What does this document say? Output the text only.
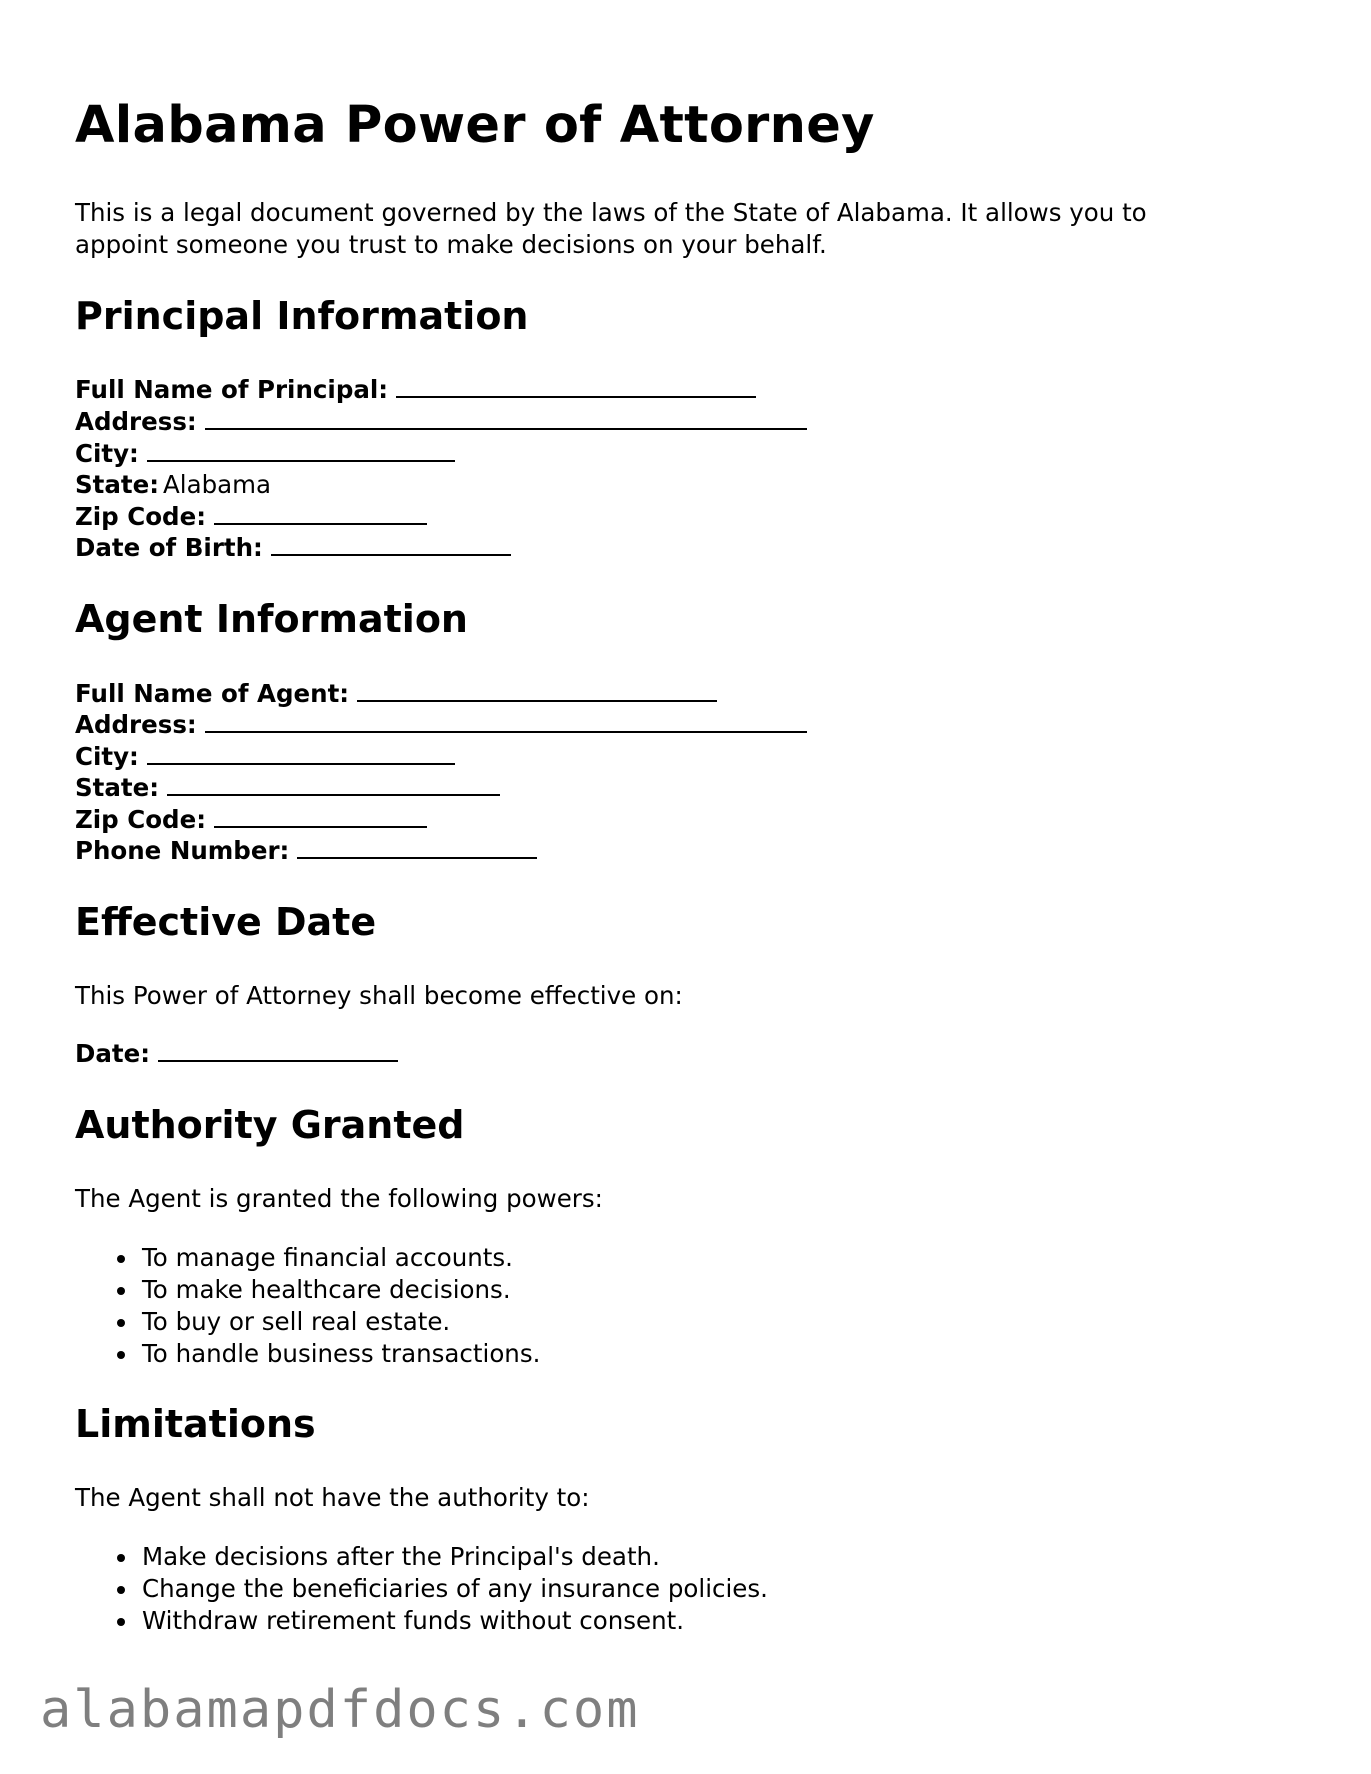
Alabama Power of Attorney
This is a legal document governed by the laws of the State of Alabama. It allows you to
appoint someone you trust to make decisions on your behalf.
Principal Information
Full Name of Principal:
Address:
City:
State: Alabama
Zip Code:
Date of Birth:
Agent Information
Full Name of Agent:
Address:
City:
State:
Zip Code:
Phone Number:
Effective Date
This Power of Attorney shall become effective on:
Date:
Authority Granted
The Agent is granted the following powers:
To manage financial accounts.
To make healthcare decisions.
To buy or sell real estate.
To handle business transactions.
Limitations
The Agent shall not have the authority to:
Make decisions after the Principal's death.
Change the beneficiaries of any insurance policies.
Withdraw retirement funds without consent.
alabamapdfdocs.com
